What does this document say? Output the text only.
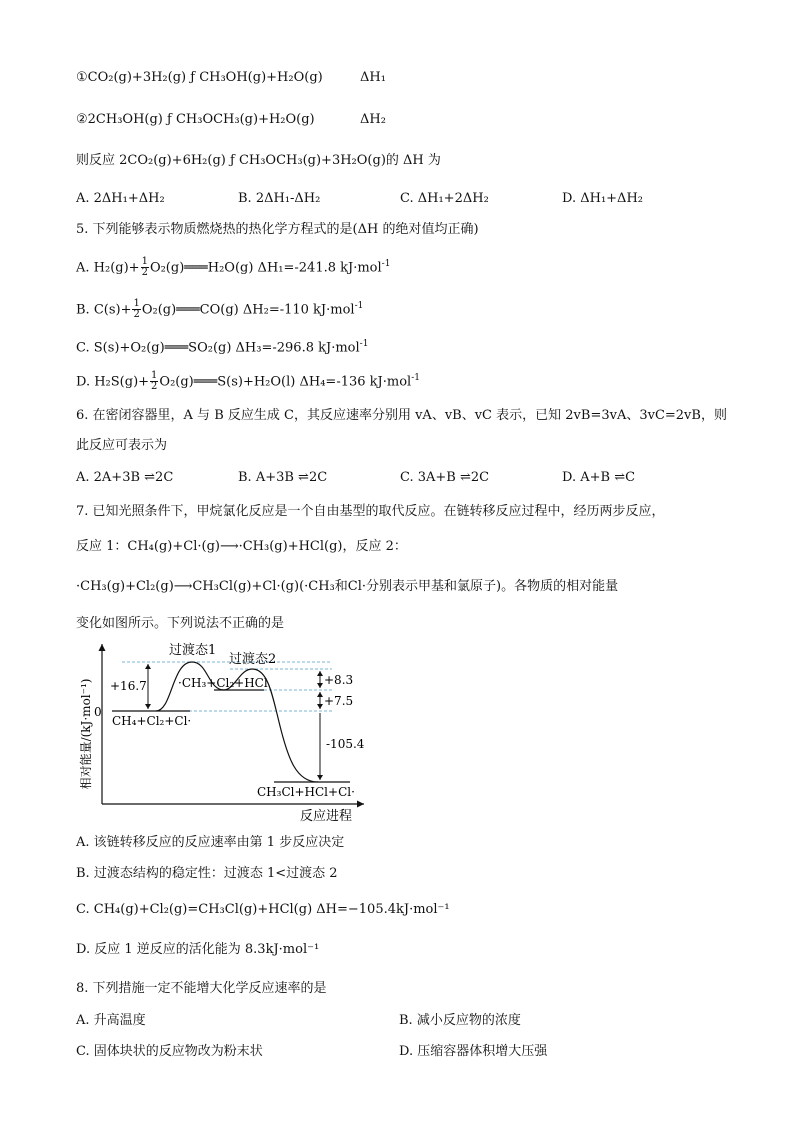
①CO₂(g)+3H₂(g) ƒ CH₃OH(g)+H₂O(g)	ΔH₁
②2CH₃OH(g) ƒ CH₃OCH₃(g)+H₂O(g)	ΔH₂
则反应 2CO₂(g)+6H₂(g) ƒ CH₃OCH₃(g)+3H₂O(g)的 ΔH 为
A. 2ΔH₁+ΔH₂	B. 2ΔH₁-ΔH₂	C. ΔH₁+2ΔH₂	D. ΔH₁+ΔH₂
5. 下列能够表示物质燃烧热的热化学方程式的是(ΔH 的绝对值均正确)
A. $H_2(g)+ \frac{1}{2}$ O₂(g)═══H₂O(g) ΔH₁=-241.8 kJ·mol$^{-1}$
B. $C(s)+ \frac{1}{2}$ O₂(g)═══CO(g) ΔH₂=-110 kJ·mol$^{-1}$
C. S(s)+O₂(g)═══SO₂(g) ΔH₃=-296.8 kJ·mol$^{-1}$
D. $H_2S(g)+ \frac{1}{2}$ O₂(g)═══S(s)+H₂O(l) ΔH₄=-136 kJ·mol$^{-1}$
6. 在密闭容器里，A 与 B 反应生成 C，其反应速率分别用 vA、vB、vC 表示，已知 2vB=3vA、3vC=2vB，则
此反应可表示为
A. 2A+3B ⇌2C	B. A+3B ⇌2C	C. 3A+B ⇌2C	D. A+B ⇌C
7. 已知光照条件下，甲烷氯化反应是一个自由基型的取代反应。在链转移反应过程中，经历两步反应，
反应 1：CH₄(g)+Cl·(g)⟶·CH₃(g)+HCl(g)，反应 2：
·CH₃(g)+Cl₂(g)⟶CH₃Cl(g)+Cl·(g)(·CH₃和Cl·分别表示甲基和氯原子)。各物质的相对能量
变化如图所示。下列说法不正确的是
相对能量/(kJ·mol⁻¹)
反应进程
0
过渡态1
过渡态2
CH₄+Cl₂+Cl·
·CH₃+Cl₂+HCl
CH₃Cl+HCl+Cl·
+16.7	+8.3
+7.5
-105.4
A. 该链转移反应的反应速率由第 1 步反应决定
B. 过渡态结构的稳定性：过渡态 1<过渡态 2
C. CH₄(g)+Cl₂(g)=CH₃Cl(g)+HCl(g) ΔH=−105.4kJ·mol⁻¹
D. 反应 1 逆反应的活化能为 8.3kJ·mol⁻¹
8. 下列措施一定不能增大化学反应速率的是
A. 升高温度	B. 减小反应物的浓度
C. 固体块状的反应物改为粉末状	D. 压缩容器体积增大压强
